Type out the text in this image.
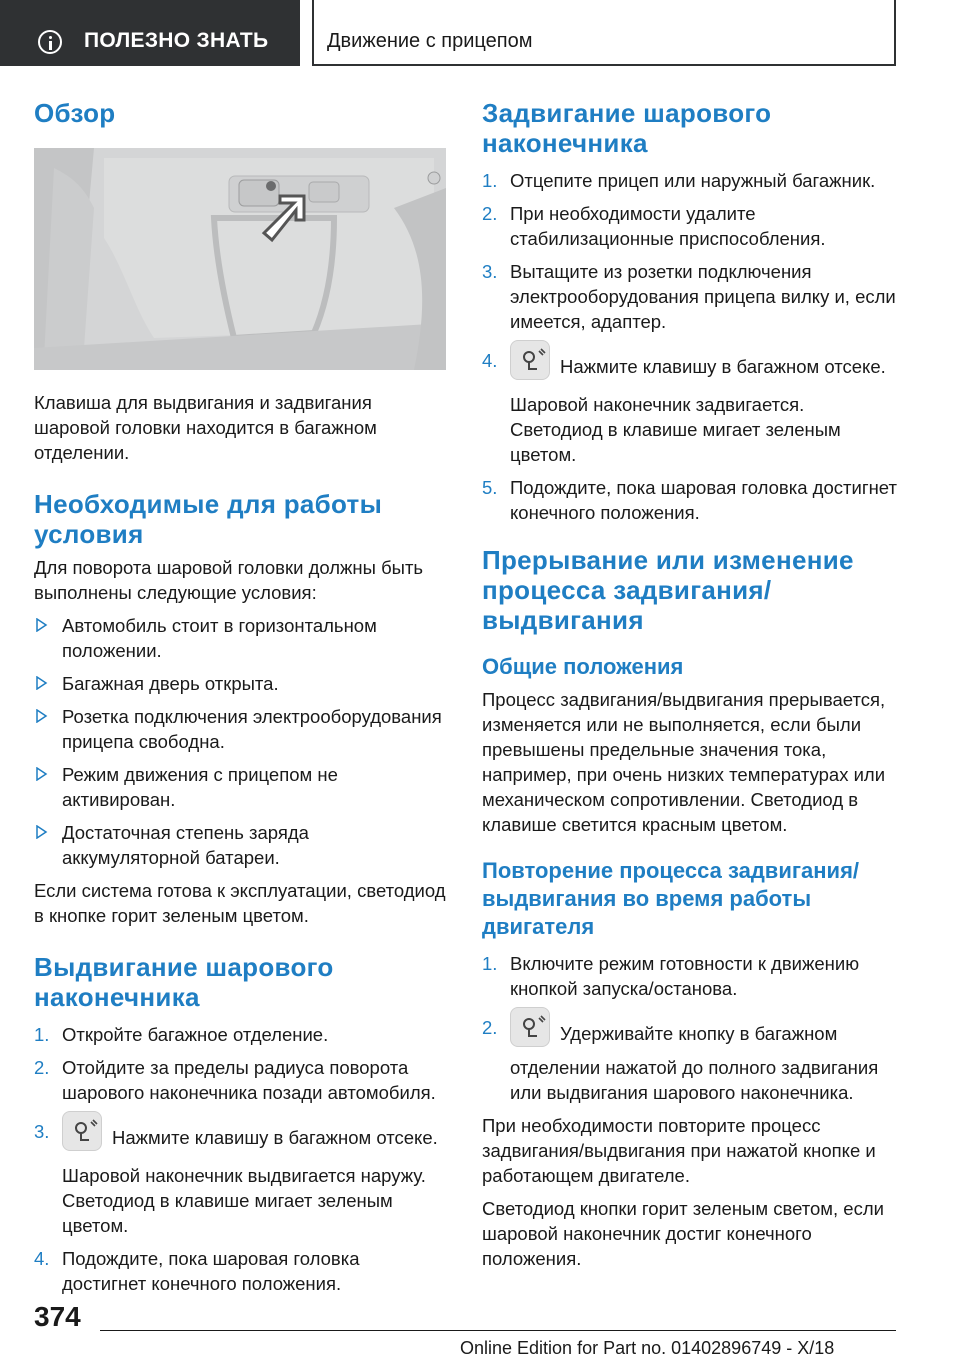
ПОЛЕЗНО ЗНАТЬ	Движение с прицепом
Обзор

Клавиша для выдвигания и задвигания шаровой головки находится в багажном отделении.

Необходимые для работы условия

Для поворота шаровой головки должны быть выполнены следующие условия:

Автомобиль стоит в горизонтальном положении.
Багажная дверь открыта.
Розетка подключения электрооборудования прицепа свободна.
Режим движения с прицепом не активирован.
Достаточная степень заряда аккумуляторной батареи.

Если система готова к эксплуатации, светодиод в кнопке горит зеленым цветом.

Выдвигание шарового наконечника
1. Откройте багажное отделение.
2. Отойдите за пределы радиуса поворота шарового наконечника позади автомобиля.
3.	Нажмите клавишу в багажном отсеке.

Шаровой наконечник выдвигается наружу. Светодиод в клавише мигает зеленым цветом.
4. Подождите, пока шаровая головка достигнет конечного положения.
Задвигание шарового наконечника
1. Отцепите прицеп или наружный багажник.
2. При необходимости удалите стабилизационные приспособления.
3. Вытащите из розетки подключения электрооборудования прицепа вилку и, если имеется, адаптер.
4.	Нажмите клавишу в багажном отсеке.

Шаровой наконечник задвигается. Светодиод в клавише мигает зеленым цветом.
5. Подождите, пока шаровая головка достигнет конечного положения.
Прерывание или изменение процесса задвигания/выдвигания
Общие положения

Процесс задвигания/выдвигания прерывается, изменяется или не выполняется, если были превышены предельные значения тока, например, при очень низких температурах или механическом сопротивлении. Светодиод в клавише светится красным цветом.

Повторение процесса задвигания/выдвигания во время работы двигателя
1. Включите режим готовности к движению кнопкой запуска/останова.
2.	Удерживайте кнопку в багажном отделении нажатой до полного задвигания или выдвигания шарового наконечника.

При необходимости повторите процесс задвигания/выдвигания при нажатой кнопке и работающем двигателе.

Светодиод кнопки горит зеленым светом, если шаровой наконечник достиг конечного положения.

374
Online Edition for Part no. 01402896749 - X/18
